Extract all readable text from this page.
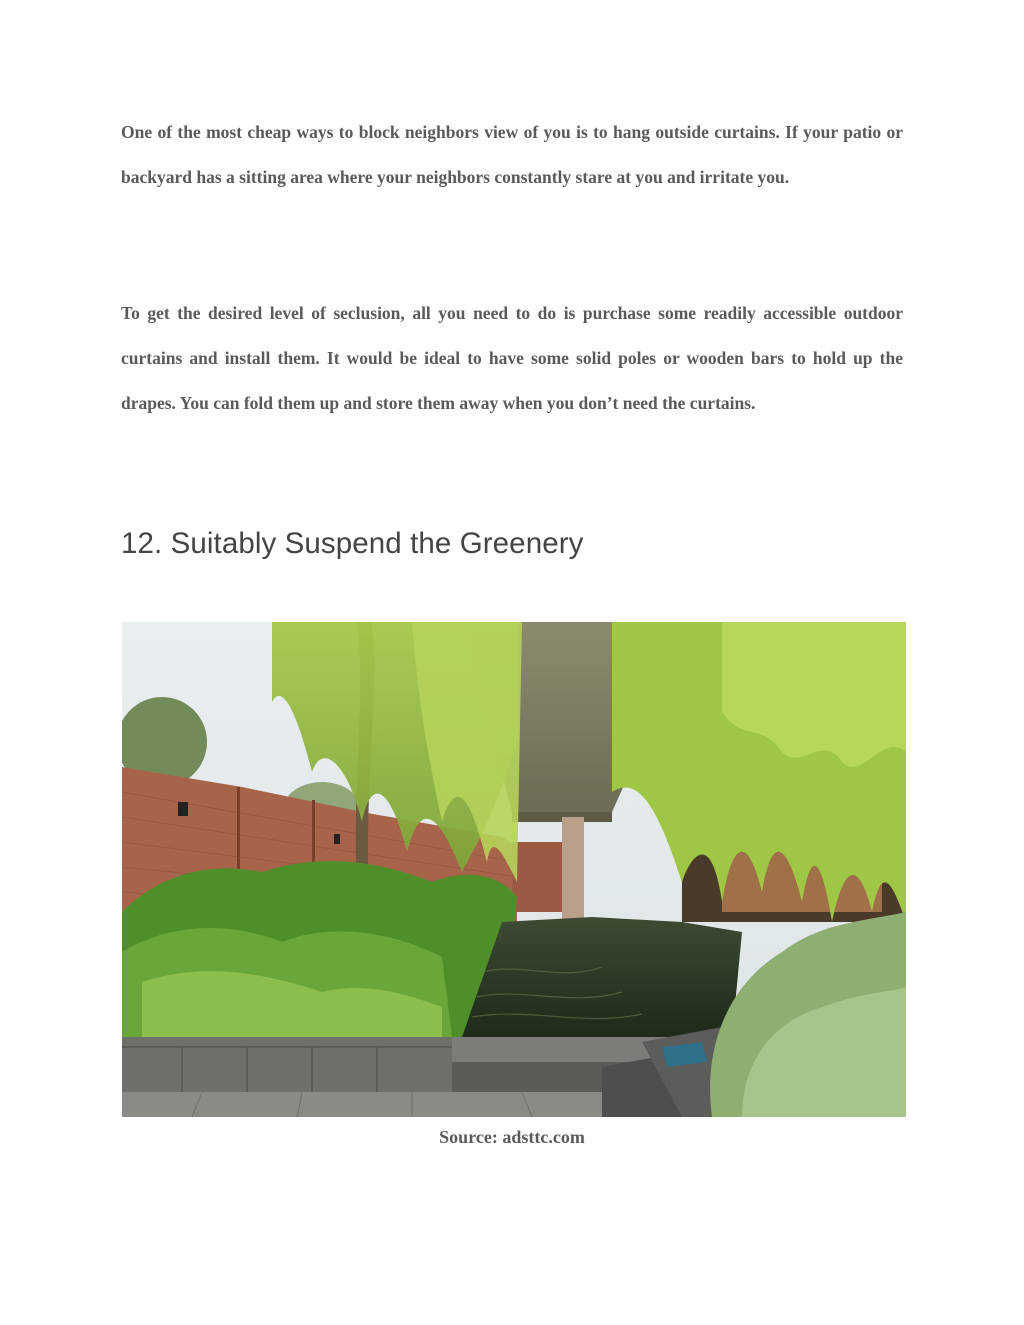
One of the most cheap ways to block neighbors view of you is to hang outside curtains. If your patio or backyard has a sitting area where your neighbors constantly stare at you and irritate you.

To get the desired level of seclusion, all you need to do is purchase some readily accessible outdoor curtains and install them. It would be ideal to have some solid poles or wooden bars to hold up the drapes. You can fold them up and store them away when you don’t need the curtains.

12. Suitably Suspend the Greenery
Source: adsttc.com
